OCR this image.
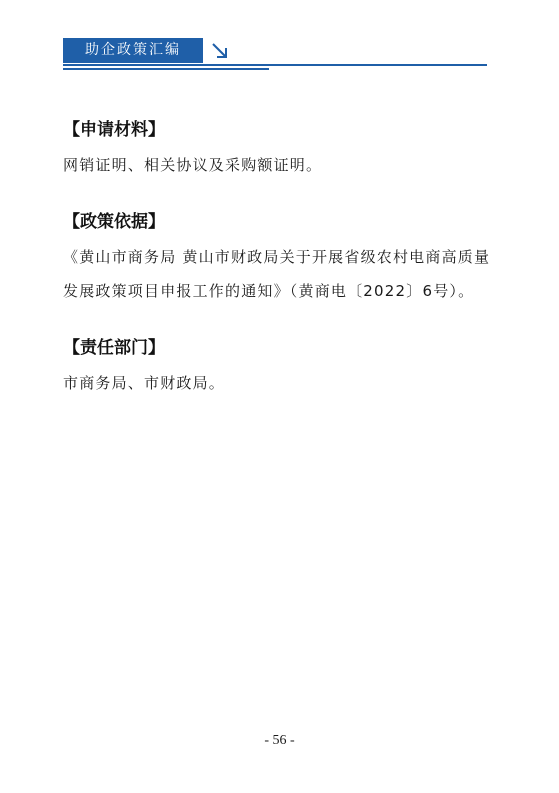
助企政策汇编

【申请材料】

网销证明、相关协议及采购额证明。

【政策依据】

《黄山市商务局 黄山市财政局关于开展省级农村电商高质量发展政策项目申报工作的通知》（黄商电〔2022〕6号）。

【责任部门】

市商务局、市财政局。

- 56 -
